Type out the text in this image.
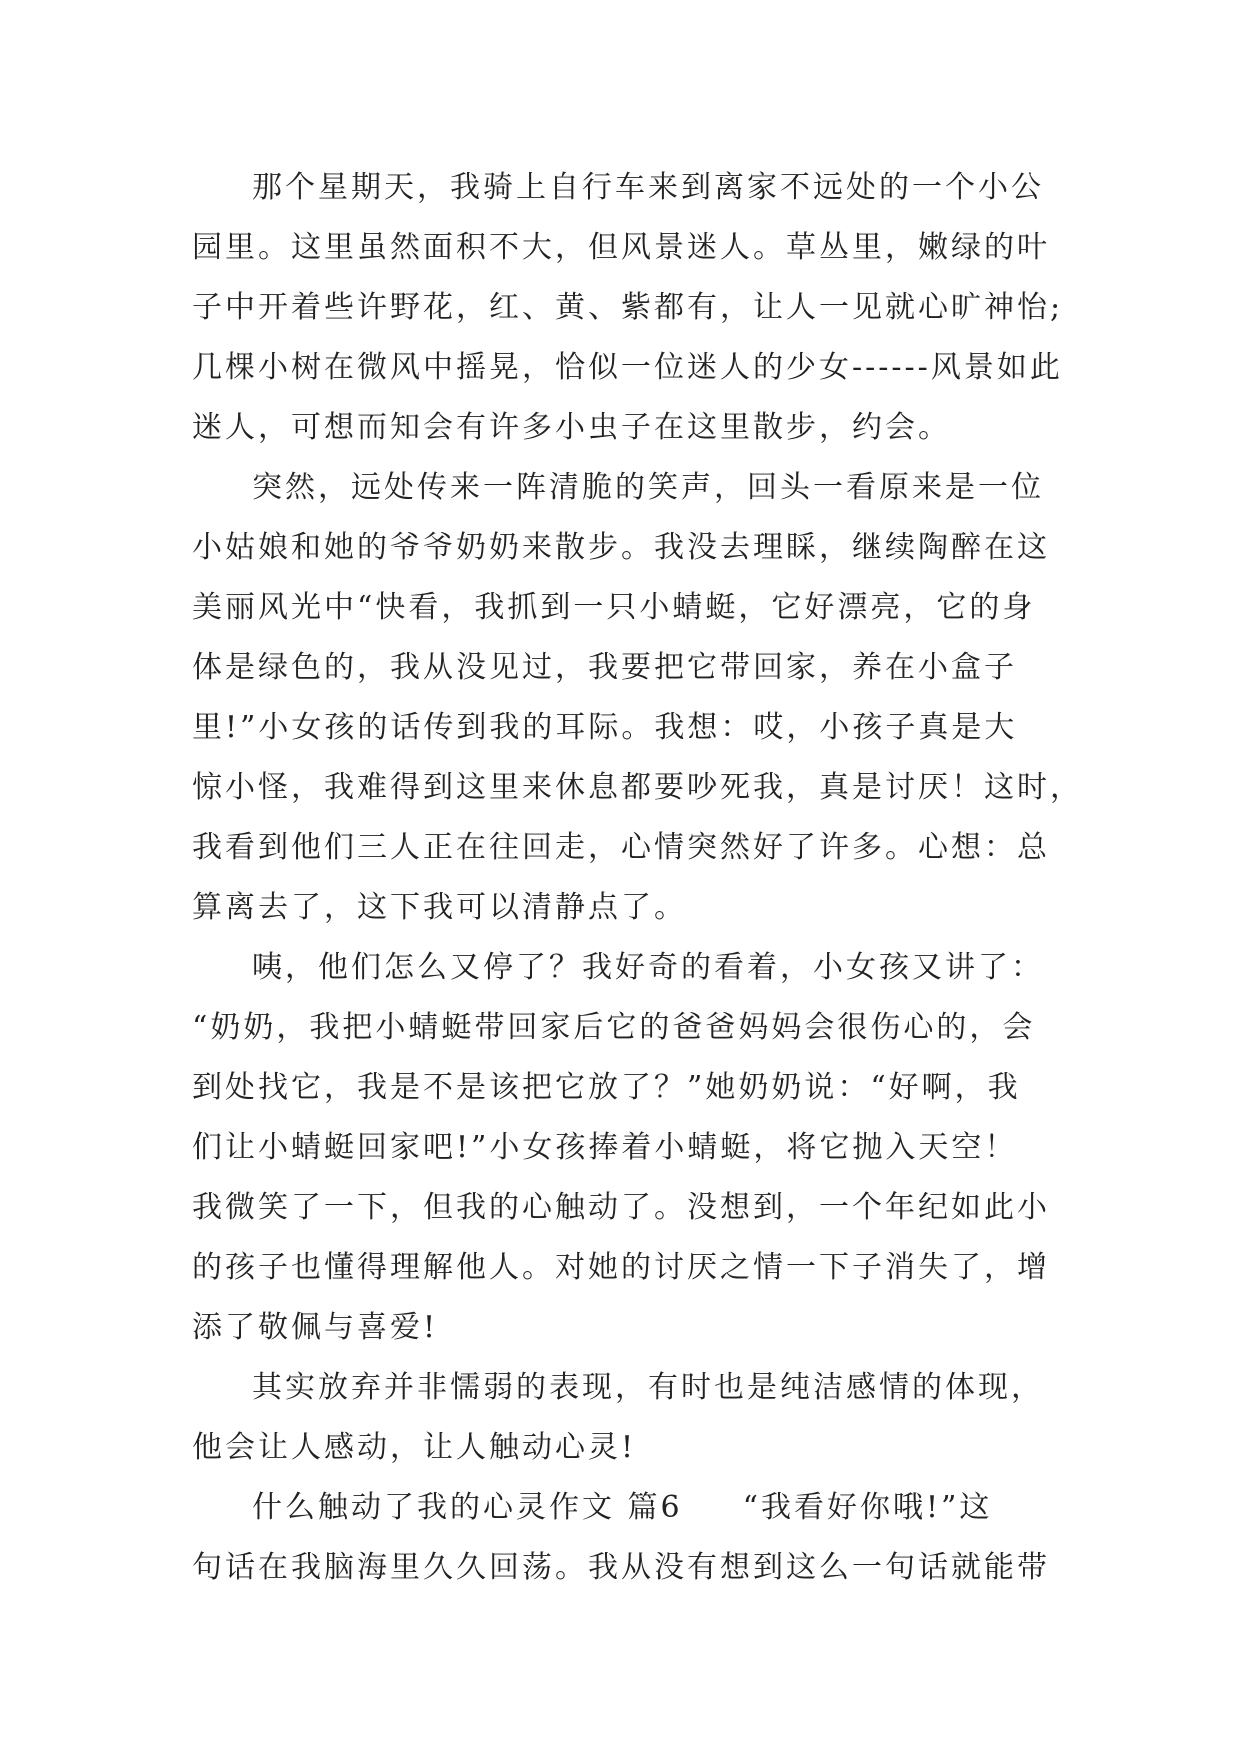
那个星期天，我骑上自行车来到离家不远处的一个小公
园里。这里虽然面积不大，但风景迷人。草丛里，嫩绿的叶
子中开着些许野花，红、黄、紫都有，让人一见就心旷神怡;
几棵小树在微风中摇晃，恰似一位迷人的少女------风景如此
迷人，可想而知会有许多小虫子在这里散步，约会。
突然，远处传来一阵清脆的笑声，回头一看原来是一位
小姑娘和她的爷爷奶奶来散步。我没去理睬，继续陶醉在这
美丽风光中“快看，我抓到一只小蜻蜓，它好漂亮，它的身
体是绿色的，我从没见过，我要把它带回家，养在小盒子
里!”小女孩的话传到我的耳际。我想：哎，小孩子真是大
惊小怪，我难得到这里来休息都要吵死我，真是讨厌！这时，
我看到他们三人正在往回走，心情突然好了许多。心想：总
算离去了，这下我可以清静点了。
咦，他们怎么又停了？我好奇的看着，小女孩又讲了：
“奶奶，我把小蜻蜓带回家后它的爸爸妈妈会很伤心的，会
到处找它，我是不是该把它放了？”她奶奶说：“好啊，我
们让小蜻蜓回家吧!”小女孩捧着小蜻蜓，将它抛入天空！
我微笑了一下，但我的心触动了。没想到，一个年纪如此小
的孩子也懂得理解他人。对她的讨厌之情一下子消失了，增
添了敬佩与喜爱!
其实放弃并非懦弱的表现，有时也是纯洁感情的体现，
他会让人感动，让人触动心灵!
什么触动了我的心灵作文 篇6 “我看好你哦!”这
句话在我脑海里久久回荡。我从没有想到这么一句话就能带
